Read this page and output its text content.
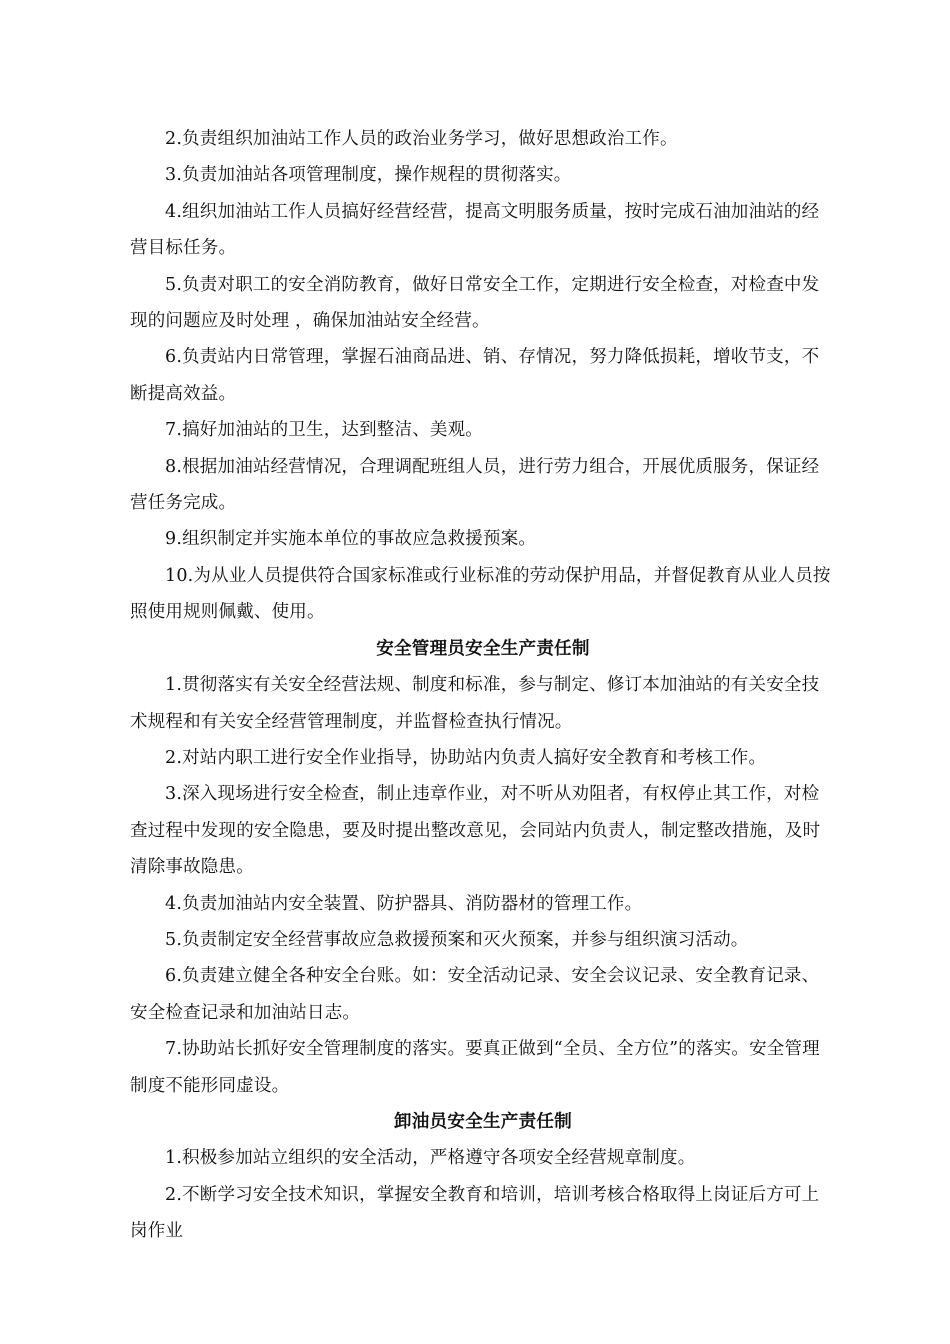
2.负责组织加油站工作人员的政治业务学习，做好思想政治工作。

3.负责加油站各项管理制度，操作规程的贯彻落实。

4.组织加油站工作人员搞好经营经营，提高文明服务质量，按时完成石油加油站的经营目标任务。

5.负责对职工的安全消防教育，做好日常安全工作，定期进行安全检查，对检查中发现的问题应及时处理 ，确保加油站安全经营。

6.负责站内日常管理，掌握石油商品进、销、存情况，努力降低损耗，增收节支，不断提高效益。

7.搞好加油站的卫生，达到整洁、美观。

8.根据加油站经营情况，合理调配班组人员，进行劳力组合，开展优质服务，保证经营任务完成。

9.组织制定并实施本单位的事故应急救援预案。

10.为从业人员提供符合国家标准或行业标准的劳动保护用品，并督促教育从业人员按照使用规则佩戴、使用。

安全管理员安全生产责任制

1.贯彻落实有关安全经营法规、制度和标准，参与制定、修订本加油站的有关安全技术规程和有关安全经营管理制度，并监督检查执行情况。

2.对站内职工进行安全作业指导，协助站内负责人搞好安全教育和考核工作。

3.深入现场进行安全检查，制止违章作业，对不听从劝阻者，有权停止其工作，对检查过程中发现的安全隐患，要及时提出整改意见，会同站内负责人，制定整改措施，及时清除事故隐患。

4.负责加油站内安全装置、防护器具、消防器材的管理工作。

5.负责制定安全经营事故应急救援预案和灭火预案，并参与组织演习活动。

6.负责建立健全各种安全台账。如：安全活动记录、安全会议记录、安全教育记录、安全检查记录和加油站日志。

7.协助站长抓好安全管理制度的落实。要真正做到“全员、全方位”的落实。安全管理制度不能形同虚设。

卸油员安全生产责任制

1.积极参加站立组织的安全活动，严格遵守各项安全经营规章制度。

2.不断学习安全技术知识，掌握安全教育和培训，培训考核合格取得上岗证后方可上岗作业
